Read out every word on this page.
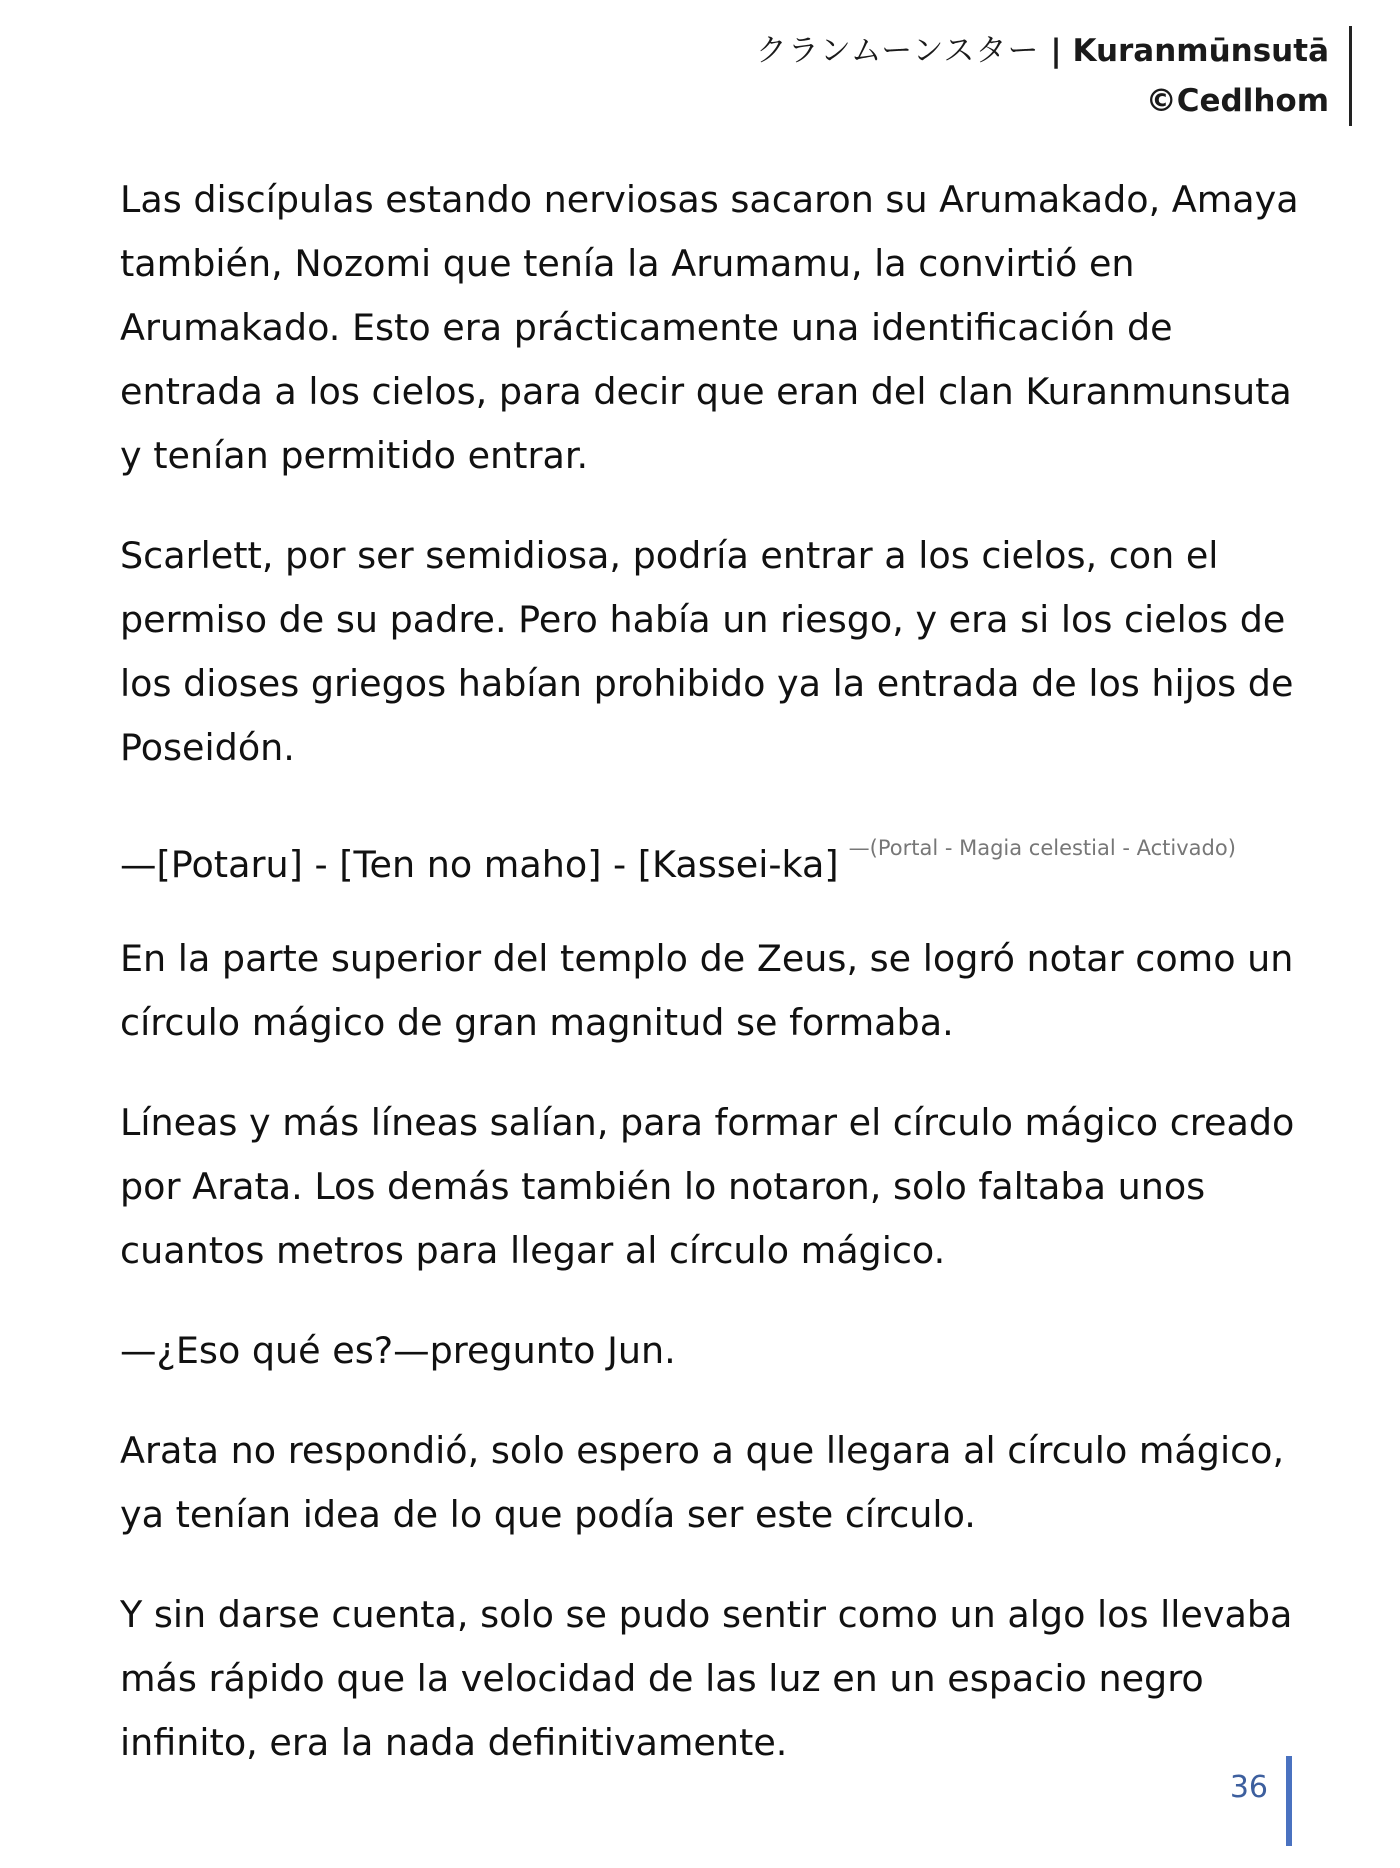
クランムーンスター | Kuranmūnsutā
©Cedlhom

Las discípulas estando nerviosas sacaron su Arumakado, Amaya también, Nozomi que tenía la Arumamu, la convirtió en Arumakado. Esto era prácticamente una identificación de entrada a los cielos, para decir que eran del clan Kuranmunsuta y tenían permitido entrar.

Scarlett, por ser semidiosa, podría entrar a los cielos, con el permiso de su padre. Pero había un riesgo, y era si los cielos de los dioses griegos habían prohibido ya la entrada de los hijos de Poseidón.

—[Potaru] - [Ten no maho] - [Kassei-ka] $^{—(Portal - Magia celestial - Activado)}$

En la parte superior del templo de Zeus, se logró notar como un círculo mágico de gran magnitud se formaba.

Líneas y más líneas salían, para formar el círculo mágico creado por Arata. Los demás también lo notaron, solo faltaba unos cuantos metros para llegar al círculo mágico.

—¿Eso qué es?—pregunto Jun.

Arata no respondió, solo espero a que llegara al círculo mágico, ya tenían idea de lo que podía ser este círculo.

Y sin darse cuenta, solo se pudo sentir como un algo los llevaba más rápido que la velocidad de las luz en un espacio negro infinito, era la nada definitivamente.

36
